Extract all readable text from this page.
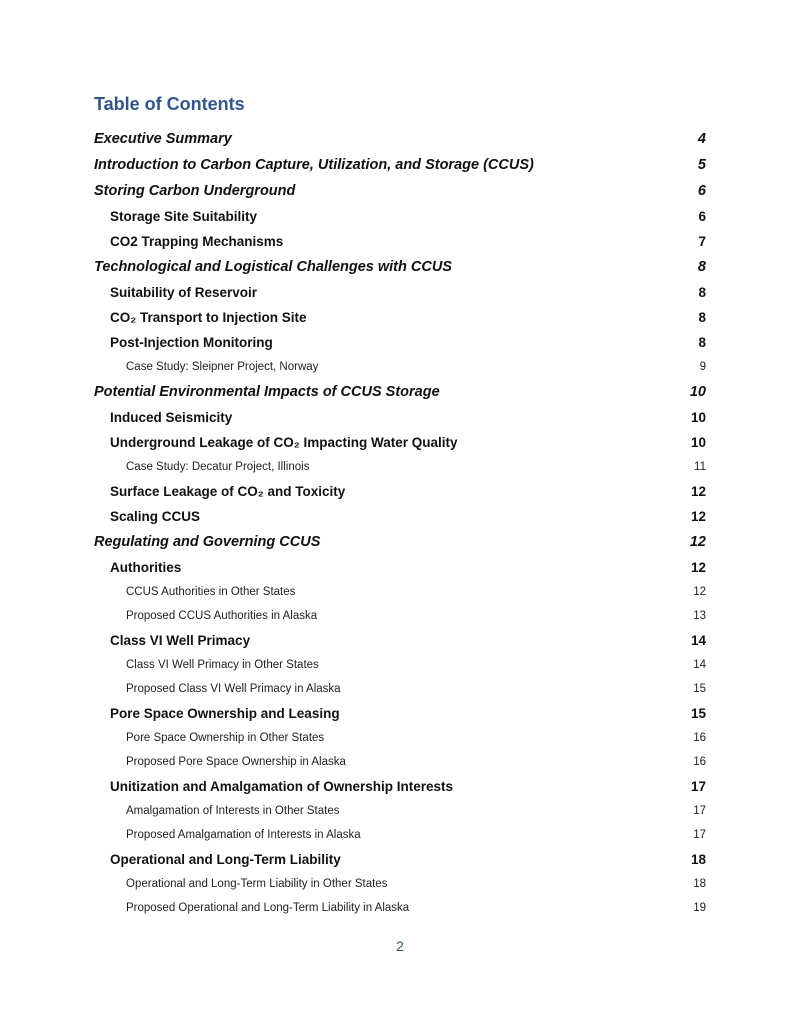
Table of Contents
Executive Summary	4
Introduction to Carbon Capture, Utilization, and Storage (CCUS)	5
Storing Carbon Underground	6
Storage Site Suitability	6
CO2 Trapping Mechanisms	7
Technological and Logistical Challenges with CCUS	8
Suitability of Reservoir	8
CO₂ Transport to Injection Site	8
Post-Injection Monitoring	8
Case Study: Sleipner Project, Norway	9
Potential Environmental Impacts of CCUS Storage	10
Induced Seismicity	10
Underground Leakage of CO₂ Impacting Water Quality	10
Case Study: Decatur Project, Illinois	11
Surface Leakage of CO₂ and Toxicity	12
Scaling CCUS	12
Regulating and Governing CCUS	12
Authorities	12
CCUS Authorities in Other States	12
Proposed CCUS Authorities in Alaska	13
Class VI Well Primacy	14
Class VI Well Primacy in Other States	14
Proposed Class VI Well Primacy in Alaska	15
Pore Space Ownership and Leasing	15
Pore Space Ownership in Other States	16
Proposed Pore Space Ownership in Alaska	16
Unitization and Amalgamation of Ownership Interests	17
Amalgamation of Interests in Other States	17
Proposed Amalgamation of Interests in Alaska	17
Operational and Long-Term Liability	18
Operational and Long-Term Liability in Other States	18
Proposed Operational and Long-Term Liability in Alaska	19
2
